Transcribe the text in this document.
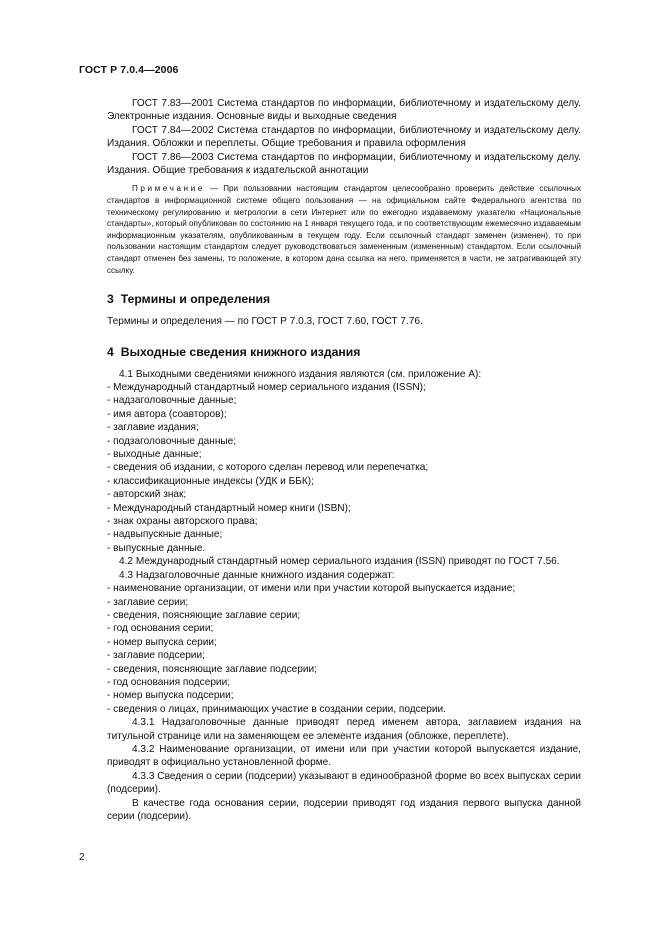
ГОСТ Р 7.0.4—2006

ГОСТ 7.83—2001 Система стандартов по информации, библиотечному и издательскому делу. Электронные издания. Основные виды и выходные сведения

ГОСТ 7.84—2002 Система стандартов по информации, библиотечному и издательскому делу. Издания. Обложки и переплеты. Общие требования и правила оформления

ГОСТ 7.86—2003 Система стандартов по информации, библиотечному и издательскому делу. Издания. Общие требования к издательской аннотации

Примечание — При пользовании настоящим стандартом целесообразно проверить действие ссылочных стандартов в информационной системе общего пользования — на официальном сайте Федерального агентства по техническому регулированию и метрологии в сети Интернет или по ежегодно издаваемому указателю «Национальные стандарты», который опубликован по состоянию на 1 января текущего года, и по соответствующим ежемесячно издаваемым информационным указателям, опубликованным в текущем году. Если ссылочный стандарт заменен (изменен), то при пользовании настоящим стандартом следует руководствоваться замененным (измененным) стандартом. Если ссылочный стандарт отменен без замены, то положение, в котором дана ссылка на него, применяется в части, не затрагивающей эту ссылку.

3 Термины и определения

Термины и определения — по ГОСТ Р 7.0.3, ГОСТ 7.60, ГОСТ 7.76.

4 Выходные сведения книжного издания
4.1 Выходными сведениями книжного издания являются (см. приложение А):
- Международный стандартный номер сериального издания (ISSN);
- надзаголовочные данные;
- имя автора (соавторов);
- заглавие издания;
- подзаголовочные данные;
- выходные данные;
- сведения об издании, с которого сделан перевод или перепечатка;
- классификационные индексы (УДК и ББК);
- авторский знак;
- Международный стандартный номер книги (ISBN);
- знак охраны авторского права;
- надвыпускные данные;
- выпускные данные.
4.2 Международный стандартный номер сериального издания (ISSN) приводят по ГОСТ 7.56.
4.3 Надзаголовочные данные книжного издания содержат:
- наименование организации, от имени или при участии которой выпускается издание;
- заглавие серии;
- сведения, поясняющие заглавие серии;
- год основания серии;
- номер выпуска серии;
- заглавие подсерии;
- сведения, поясняющие заглавие подсерии;
- год основания подсерии;
- номер выпуска подсерии;
- сведения о лицах, принимающих участие в создании серии, подсерии.
4.3.1 Надзаголовочные данные приводят перед именем автора, заглавием издания на титульной странице или на заменяющем ее элементе издания (обложке, переплете).
4.3.2 Наименование организации, от имени или при участии которой выпускается издание, приводят в официально установленной форме.
4.3.3 Сведения о серии (подсерии) указывают в единообразной форме во всех выпусках серии (подсерии).
В качестве года основания серии, подсерии приводят год издания первого выпуска данной серии (подсерии).
2
